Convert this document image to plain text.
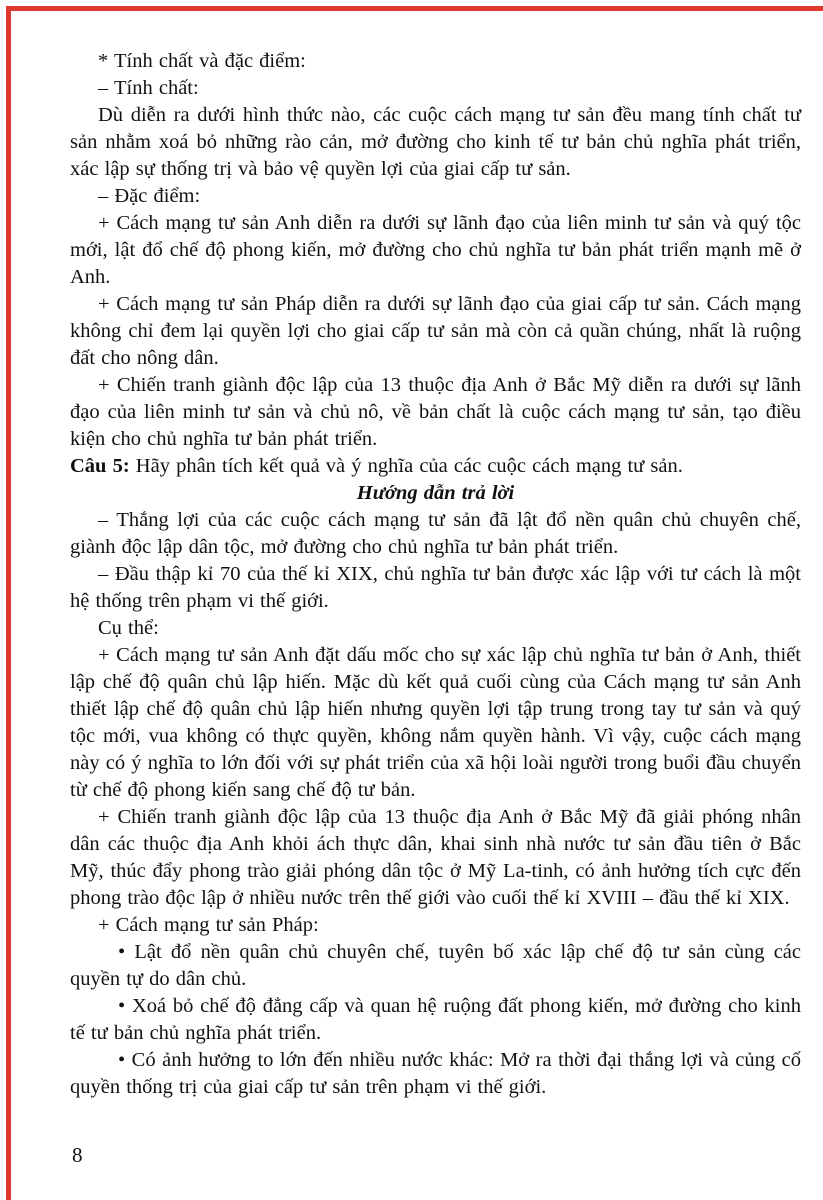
* Tính chất và đặc điểm:

– Tính chất:

Dù diễn ra dưới hình thức nào, các cuộc cách mạng tư sản đều mang tính chất tư sản nhằm xoá bỏ những rào cản, mở đường cho kinh tế tư bản chủ nghĩa phát triển, xác lập sự thống trị và bảo vệ quyền lợi của giai cấp tư sản.

– Đặc điểm:

+ Cách mạng tư sản Anh diễn ra dưới sự lãnh đạo của liên minh tư sản và quý tộc mới, lật đổ chế độ phong kiến, mở đường cho chủ nghĩa tư bản phát triển mạnh mẽ ở Anh.

+ Cách mạng tư sản Pháp diễn ra dưới sự lãnh đạo của giai cấp tư sản. Cách mạng không chỉ đem lại quyền lợi cho giai cấp tư sản mà còn cả quần chúng, nhất là ruộng đất cho nông dân.

+ Chiến tranh giành độc lập của 13 thuộc địa Anh ở Bắc Mỹ diễn ra dưới sự lãnh đạo của liên minh tư sản và chủ nô, về bản chất là cuộc cách mạng tư sản, tạo điều kiện cho chủ nghĩa tư bản phát triển.

Câu 5: Hãy phân tích kết quả và ý nghĩa của các cuộc cách mạng tư sản.

Hướng dẫn trả lời

– Thắng lợi của các cuộc cách mạng tư sản đã lật đổ nền quân chủ chuyên chế, giành độc lập dân tộc, mở đường cho chủ nghĩa tư bản phát triển.

– Đầu thập kỉ 70 của thế kỉ XIX, chủ nghĩa tư bản được xác lập với tư cách là một hệ thống trên phạm vi thế giới.

Cụ thể:

+ Cách mạng tư sản Anh đặt dấu mốc cho sự xác lập chủ nghĩa tư bản ở Anh, thiết lập chế độ quân chủ lập hiến. Mặc dù kết quả cuối cùng của Cách mạng tư sản Anh thiết lập chế độ quân chủ lập hiến nhưng quyền lợi tập trung trong tay tư sản và quý tộc mới, vua không có thực quyền, không nắm quyền hành. Vì vậy, cuộc cách mạng này có ý nghĩa to lớn đối với sự phát triển của xã hội loài người trong buổi đầu chuyển từ chế độ phong kiến sang chế độ tư bản.

+ Chiến tranh giành độc lập của 13 thuộc địa Anh ở Bắc Mỹ đã giải phóng nhân dân các thuộc địa Anh khỏi ách thực dân, khai sinh nhà nước tư sản đầu tiên ở Bắc Mỹ, thúc đẩy phong trào giải phóng dân tộc ở Mỹ La-tinh, có ảnh hưởng tích cực đến phong trào độc lập ở nhiều nước trên thế giới vào cuối thế kỉ XVIII – đầu thế kỉ XIX.

+ Cách mạng tư sản Pháp:

• Lật đổ nền quân chủ chuyên chế, tuyên bố xác lập chế độ tư sản cùng các quyền tự do dân chủ.

• Xoá bỏ chế độ đẳng cấp và quan hệ ruộng đất phong kiến, mở đường cho kinh tế tư bản chủ nghĩa phát triển.

• Có ảnh hưởng to lớn đến nhiều nước khác: Mở ra thời đại thắng lợi và củng cố quyền thống trị của giai cấp tư sản trên phạm vi thế giới.

8
